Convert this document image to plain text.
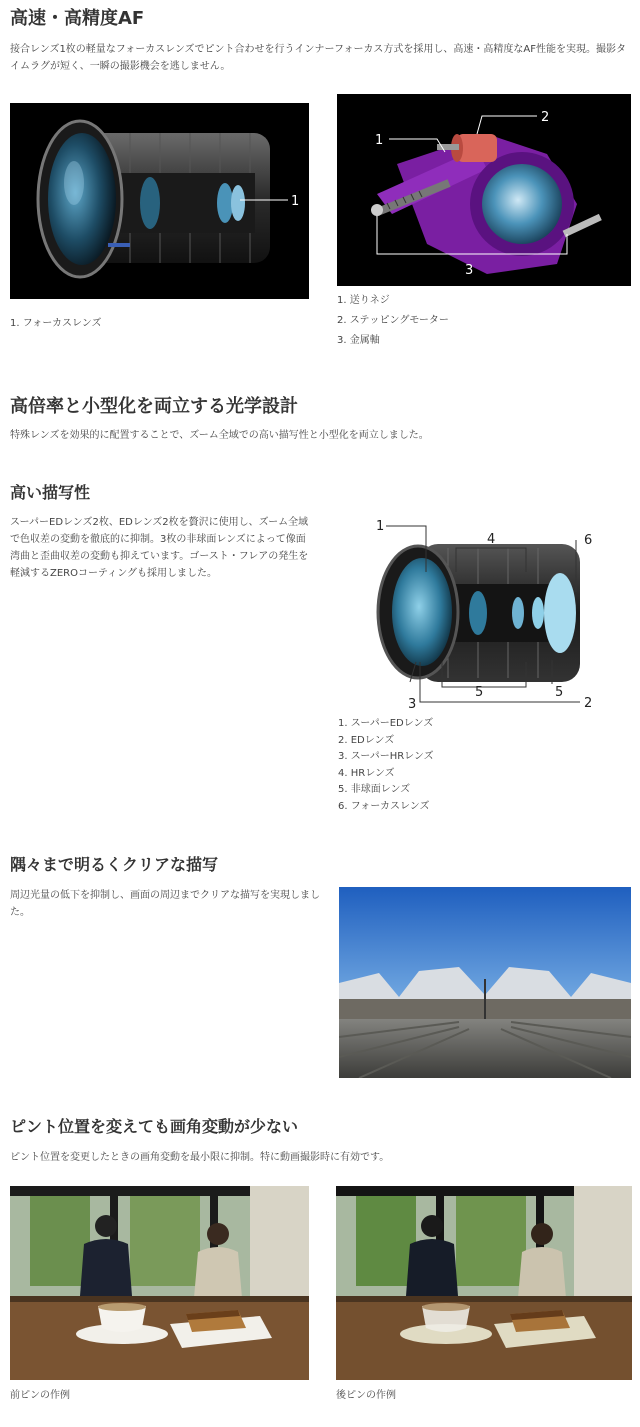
高速・高精度AF

接合レンズ1枚の軽量なフォーカスレンズでピント合わせを行うインナーフォーカス方式を採用し、高速・高精度なAF性能を実現。撮影タイムラグが短く、一瞬の撮影機会を逃しません。

1
1. フォーカスレンズ
1
2
3
1. 送りネジ
2. ステッピングモーター
3. 金属軸
高倍率と小型化を両立する光学設計

特殊レンズを効果的に配置することで、ズーム全域での高い描写性と小型化を両立しました。

高い描写性

スーパーEDレンズ2枚、EDレンズ2枚を贅沢に使用し、ズーム全域で色収差の変動を徹底的に抑制。3枚の非球面レンズによって像面湾曲と歪曲収差の変動も抑えています。ゴースト・フレアの発生を軽減するZEROコーティングも採用しました。

1
4	6
3
5	5
2
1. スーパーEDレンズ
2. EDレンズ
3. スーパーHRレンズ
4. HRレンズ
5. 非球面レンズ
6. フォーカスレンズ
隅々まで明るくクリアな描写

周辺光量の低下を抑制し、画面の周辺までクリアな描写を実現しました。

ピント位置を変えても画角変動が少ない

ピント位置を変更したときの画角変動を最小限に抑制。特に動画撮影時に有効です。

前ピンの作例	後ピンの作例
